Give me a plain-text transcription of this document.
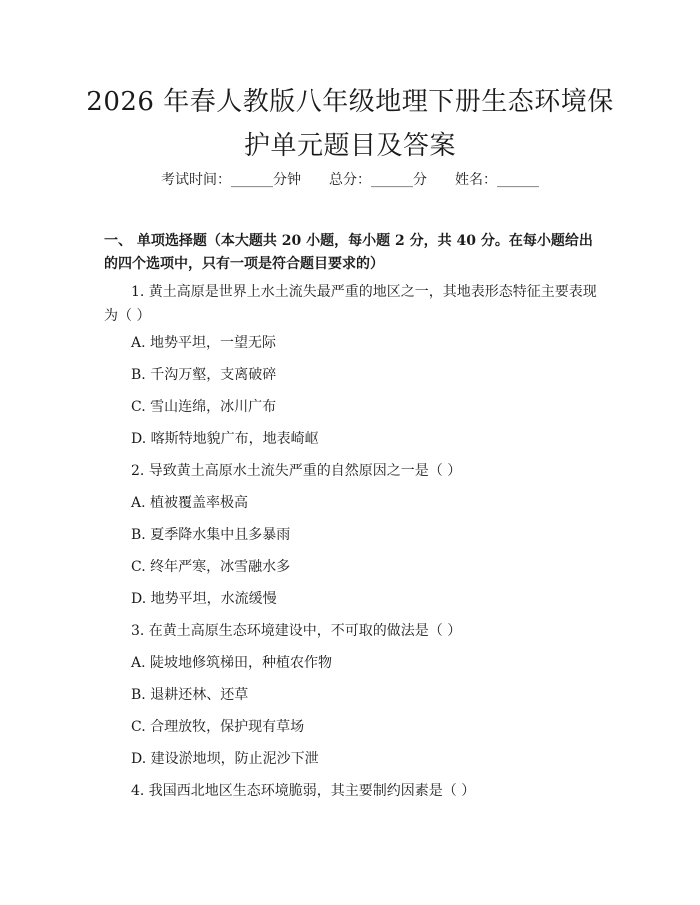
2026 年春人教版八年级地理下册生态环境保
护单元题目及答案
考试时间：______分钟 总分：______分 姓名：______
一、 单项选择题（本大题共 20 小题，每小题 2 分，共 40 分。在每小题给出的四个选项中，只有一项是符合题目要求的）
1. 黄土高原是世界上水土流失最严重的地区之一，其地表形态特征主要表现为（ ）
A. 地势平坦，一望无际
B. 千沟万壑，支离破碎
C. 雪山连绵，冰川广布
D. 喀斯特地貌广布，地表崎岖
2. 导致黄土高原水土流失严重的自然原因之一是（ ）
A. 植被覆盖率极高
B. 夏季降水集中且多暴雨
C. 终年严寒，冰雪融水多
D. 地势平坦，水流缓慢
3. 在黄土高原生态环境建设中，不可取的做法是（ ）
A. 陡坡地修筑梯田，种植农作物
B. 退耕还林、还草
C. 合理放牧，保护现有草场
D. 建设淤地坝，防止泥沙下泄
4. 我国西北地区生态环境脆弱，其主要制约因素是（ ）
